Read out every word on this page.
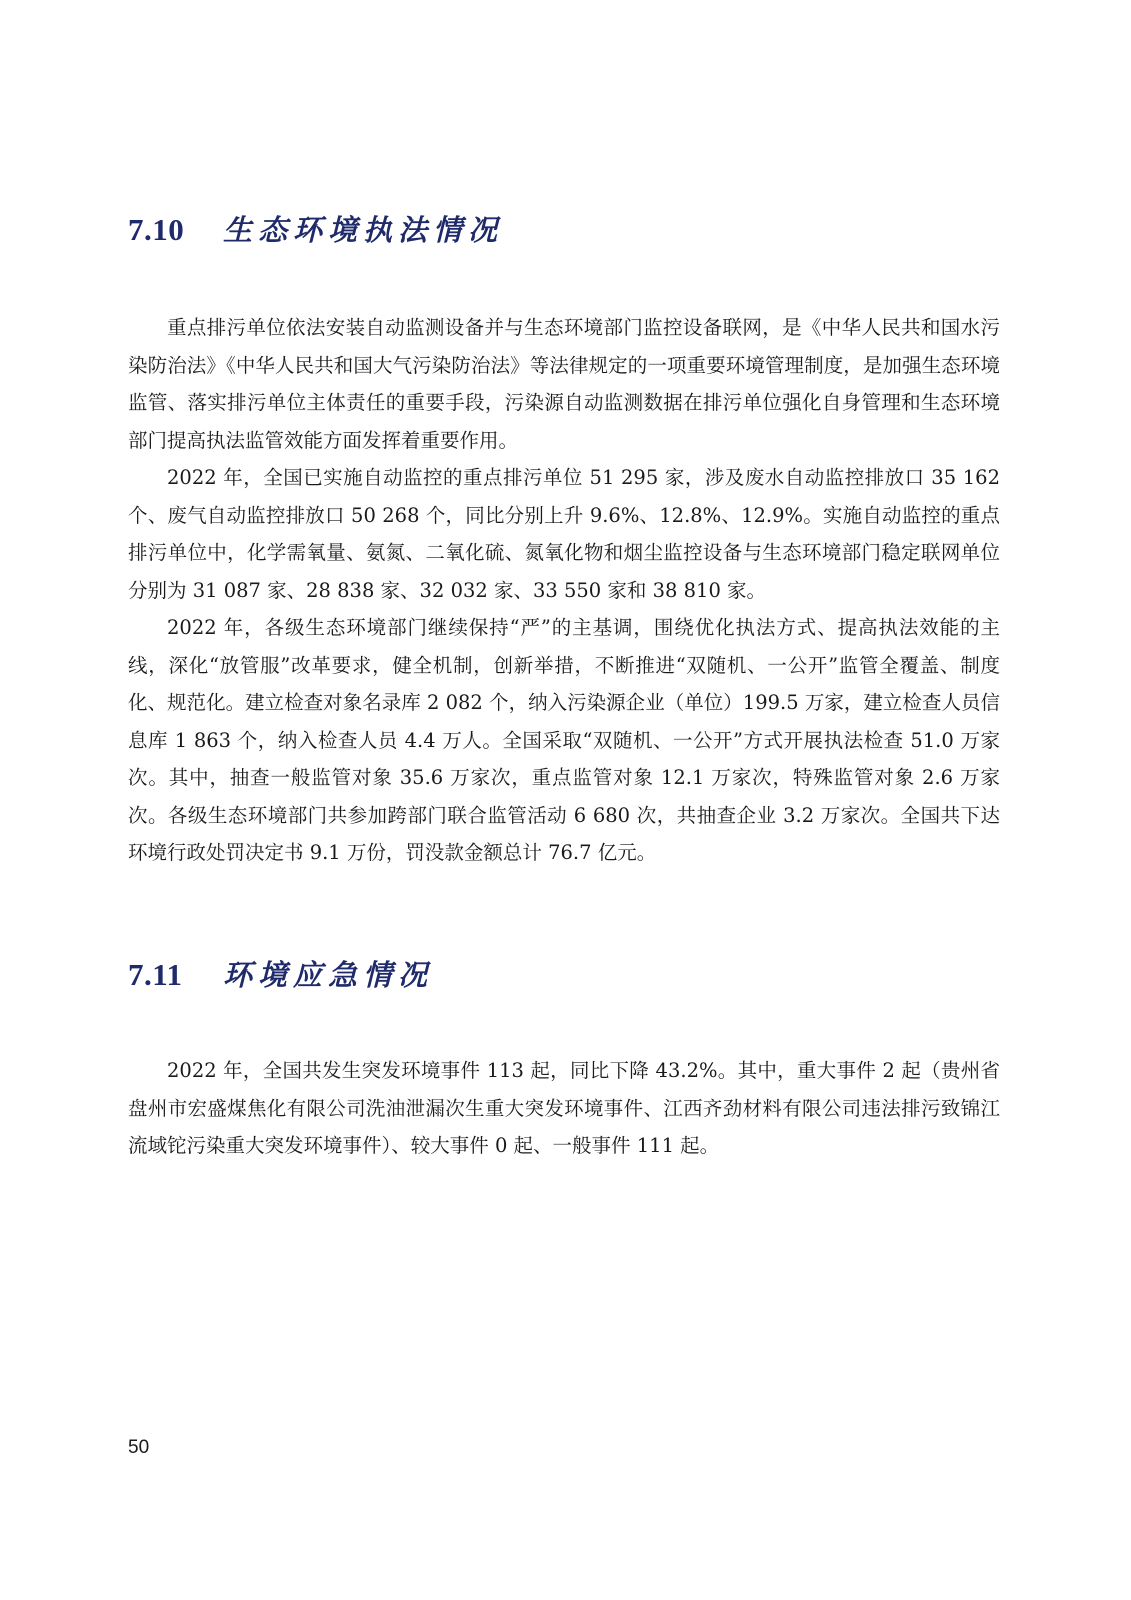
7.10	生态环境执法情况

重点排污单位依法安装自动监测设备并与生态环境部门监控设备联网，是《中华人民共和国水污染防治法》《中华人民共和国大气污染防治法》等法律规定的一项重要环境管理制度，是加强生态环境监管、落实排污单位主体责任的重要手段，污染源自动监测数据在排污单位强化自身管理和生态环境部门提高执法监管效能方面发挥着重要作用。

2022 年，全国已实施自动监控的重点排污单位 51 295 家，涉及废水自动监控排放口 35 162 个、废气自动监控排放口 50 268 个，同比分别上升 9.6%、12.8%、12.9%。实施自动监控的重点排污单位中，化学需氧量、氨氮、二氧化硫、氮氧化物和烟尘监控设备与生态环境部门稳定联网单位分别为 31 087 家、28 838 家、32 032 家、33 550 家和 38 810 家。

2022 年，各级生态环境部门继续保持“严”的主基调，围绕优化执法方式、提高执法效能的主线，深化“放管服”改革要求，健全机制，创新举措，不断推进“双随机、一公开”监管全覆盖、制度化、规范化。建立检查对象名录库 2 082 个，纳入污染源企业（单位）199.5 万家，建立检查人员信息库 1 863 个，纳入检查人员 4.4 万人。全国采取“双随机、一公开”方式开展执法检查 51.0 万家次。其中，抽查一般监管对象 35.6 万家次，重点监管对象 12.1 万家次，特殊监管对象 2.6 万家次。各级生态环境部门共参加跨部门联合监管活动 6 680 次，共抽查企业 3.2 万家次。全国共下达环境行政处罚决定书 9.1 万份，罚没款金额总计 76.7 亿元。

7.11	环境应急情况

2022 年，全国共发生突发环境事件 113 起，同比下降 43.2%。其中，重大事件 2 起（贵州省盘州市宏盛煤焦化有限公司洗油泄漏次生重大突发环境事件、江西齐劲材料有限公司违法排污致锦江流域铊污染重大突发环境事件）、较大事件 0 起、一般事件 111 起。

50
